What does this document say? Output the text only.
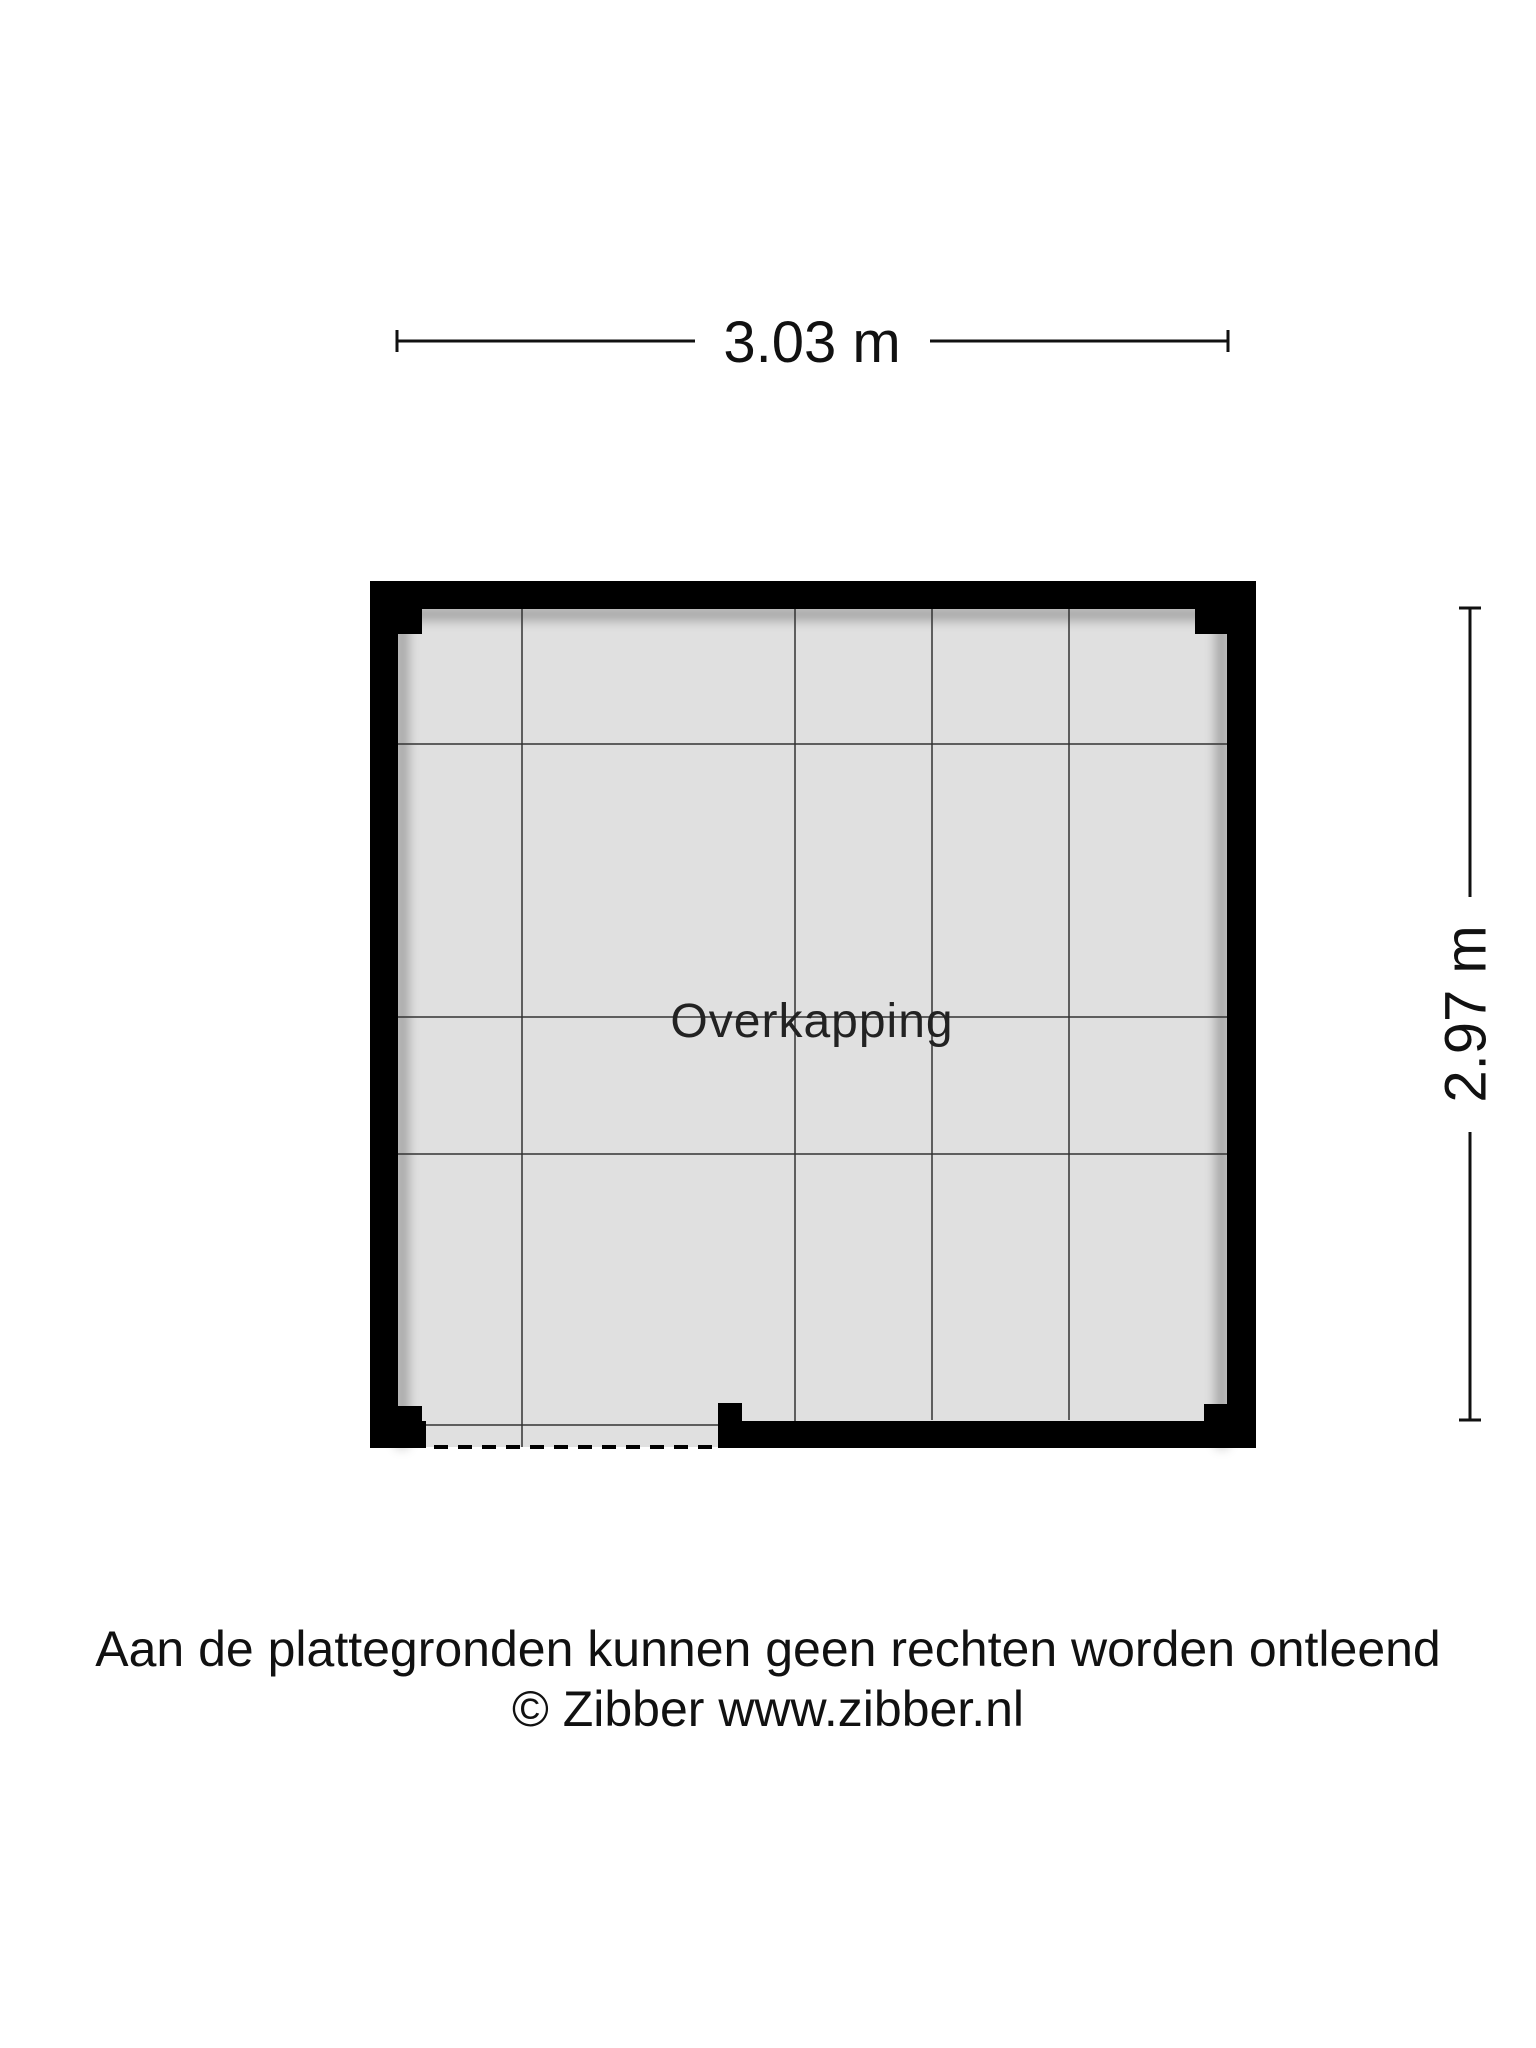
3.03 m
2.97 m
Overkapping
Aan de plattegronden kunnen geen rechten worden ontleend
© Zibber www.zibber.nl
